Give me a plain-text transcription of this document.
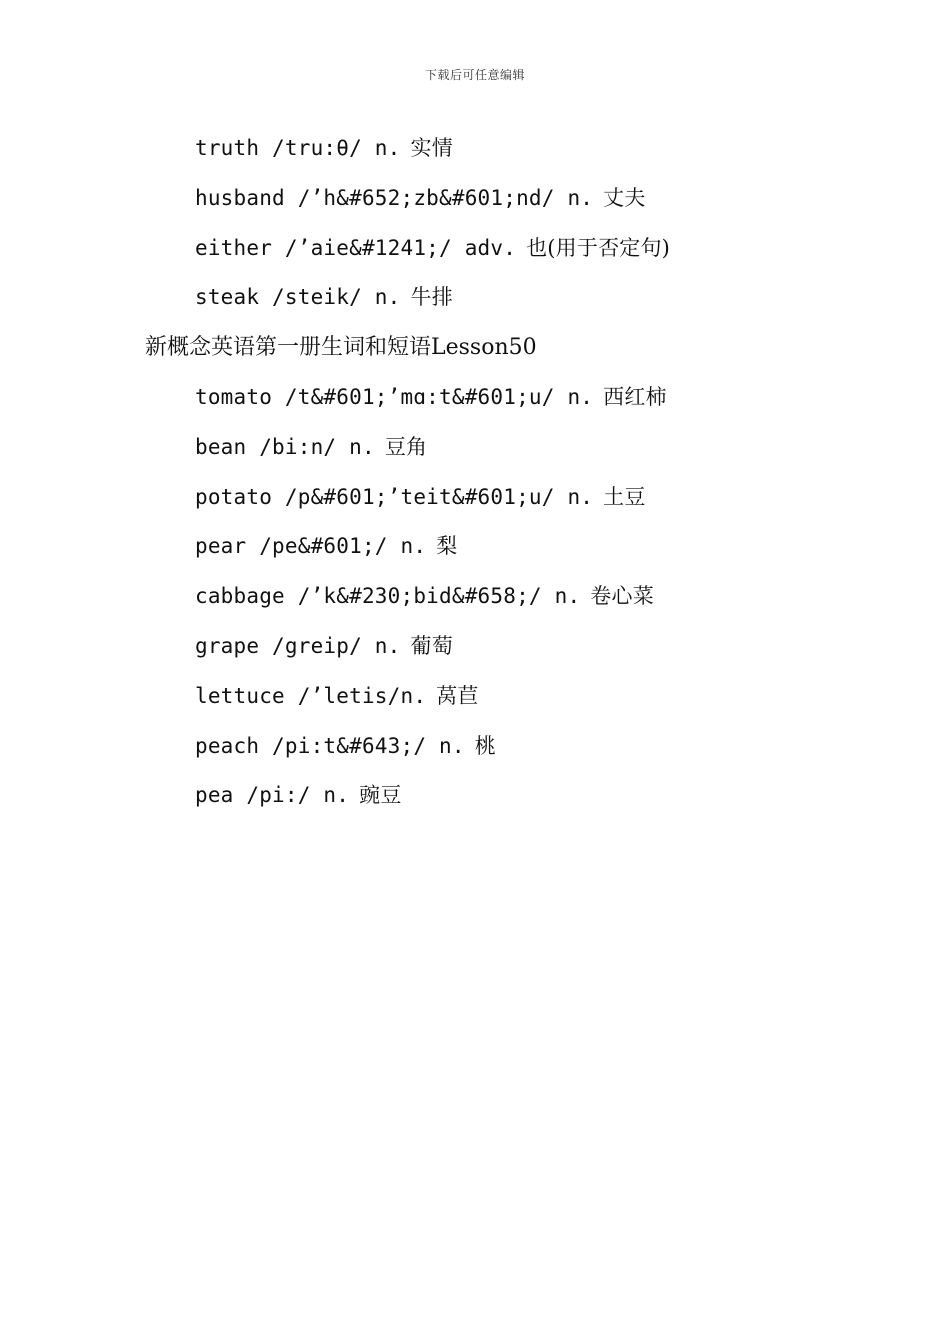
下载后可任意编辑
truth /tru:θ/ n. 实情
husband /’h&#652;zb&#601;nd/ n. 丈夫
either /’aie&#1241;/ adv. 也(用于否定句)
steak /steik/ n. 牛排
新概念英语第一册生词和短语Lesson50
tomato /t&#601;’mɑ:t&#601;u/ n. 西红柿
bean /bi:n/ n. 豆角
potato /p&#601;’teit&#601;u/ n. 土豆
pear /pe&#601;/ n. 梨
cabbage /’k&#230;bid&#658;/ n. 卷心菜
grape /greip/ n. 葡萄
lettuce /’letis/n. 莴苣
peach /pi:t&#643;/ n. 桃
pea /pi:/ n. 豌豆
